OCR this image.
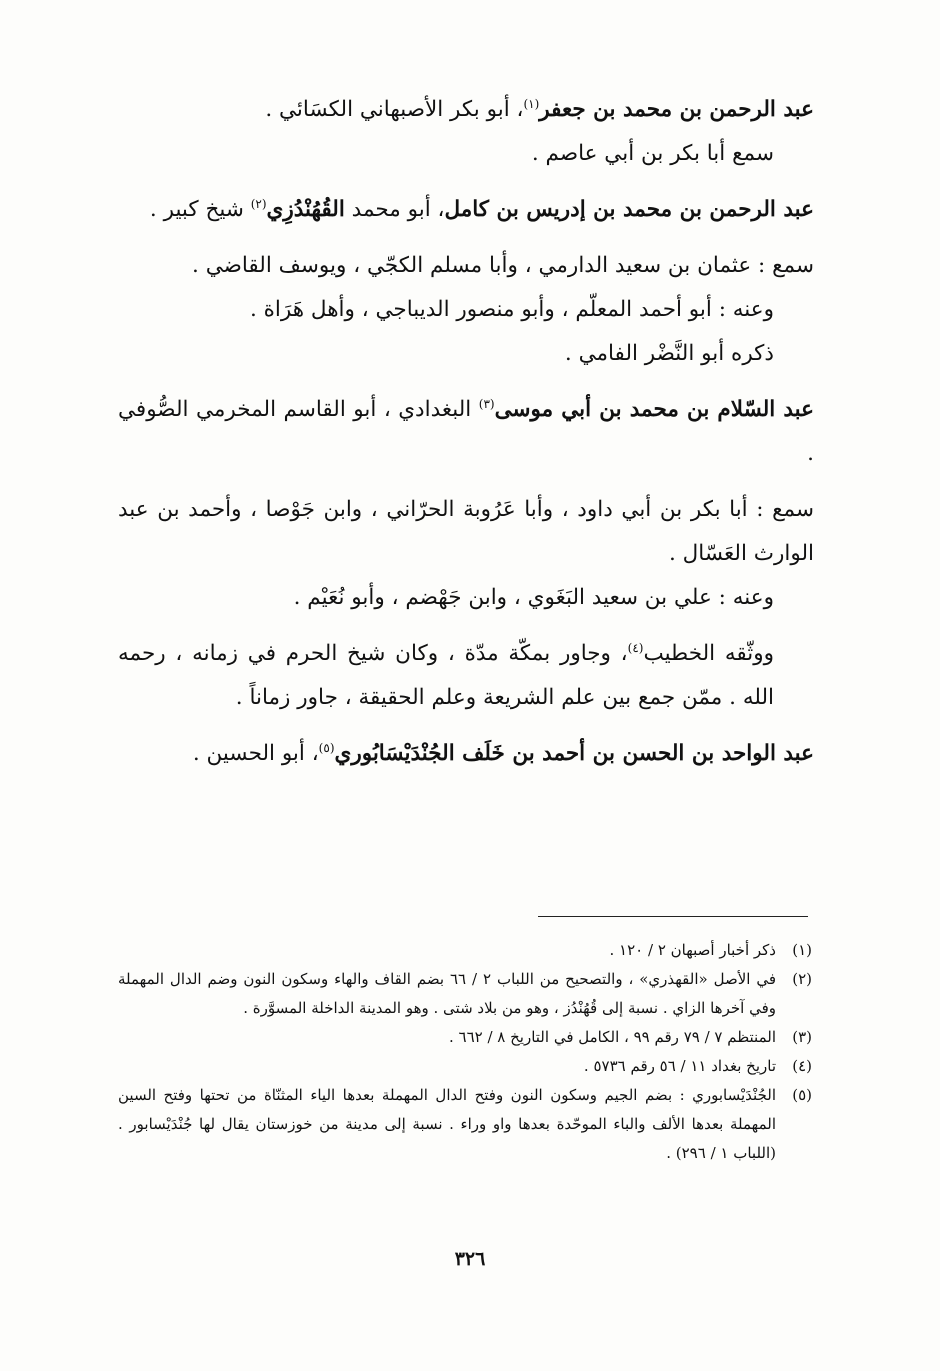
عبد الرحمن بن محمد بن جعفر$^{(١)}$، أبو بكر الأصبهاني الكسَائي .

سمع أبا بكر بن أبي عاصم .

عبد الرحمن بن محمد بن إدريس بن كامل، أبو محمد القُهُنْدُزِي$^{(٢)}$ شيخ كبير .

سمع : عثمان بن سعيد الدارمي ، وأبا مسلم الكجّي ، ويوسف القاضي .

وعنه : أبو أحمد المعلّم ، وأبو منصور الديباجي ، وأهل هَرَاة .

ذكره أبو النَّضْر الفامي .

عبد السّلام بن محمد بن أبي موسى$^{(٣)}$ البغدادي ، أبو القاسم المخرمي الصُّوفي .

سمع : أبا بكر بن أبي داود ، وأبا عَرُوبة الحرّاني ، وابن جَوْصا ، وأحمد بن عبد الوارث العَسّال .

وعنه : علي بن سعيد البَغَوي ، وابن جَهْضم ، وأبو نُعَيْم .

ووثّقه الخطيب$^{(٤)}$، وجاور بمكّة مدّة ، وكان شيخ الحرم في زمانه ، رحمه الله . ممّن جمع بين علم الشريعة وعلم الحقيقة ، جاور زماناً .

عبد الواحد بن الحسن بن أحمد بن خَلَف الجُنْدَيْسَابُوري$^{(٥)}$، أبو الحسين .

(١)
ذكر أخبار أصبهان ٢ / ١٢٠ .

(٢)
في الأصل «القهذري» ، والتصحيح من اللباب ٢ / ٦٦ بضم القاف والهاء وسكون النون وضم الدال المهملة وفي آخرها الزاي . نسبة إلى قُهُنْدُز ، وهو من بلاد شتى . وهو المدينة الداخلة المسوَّرة .

(٣)
المنتظم ٧ / ٧٩ رقم ٩٩ ، الكامل في التاريخ ٨ / ٦٦٢ .

(٤)
تاريخ بغداد ١١ / ٥٦ رقم ٥٧٣٦ .

(٥)
الجُنْدَيْسابوري : بضم الجيم وسكون النون وفتح الدال المهملة بعدها الياء المثنّاة من تحتها وفتح السين المهملة بعدها الألف والباء الموحّدة بعدها واو وراء . نسبة إلى مدينة من خوزستان يقال لها جُنْدَيْسابور . (اللباب ١ / ٢٩٦) .

٣٢٦
